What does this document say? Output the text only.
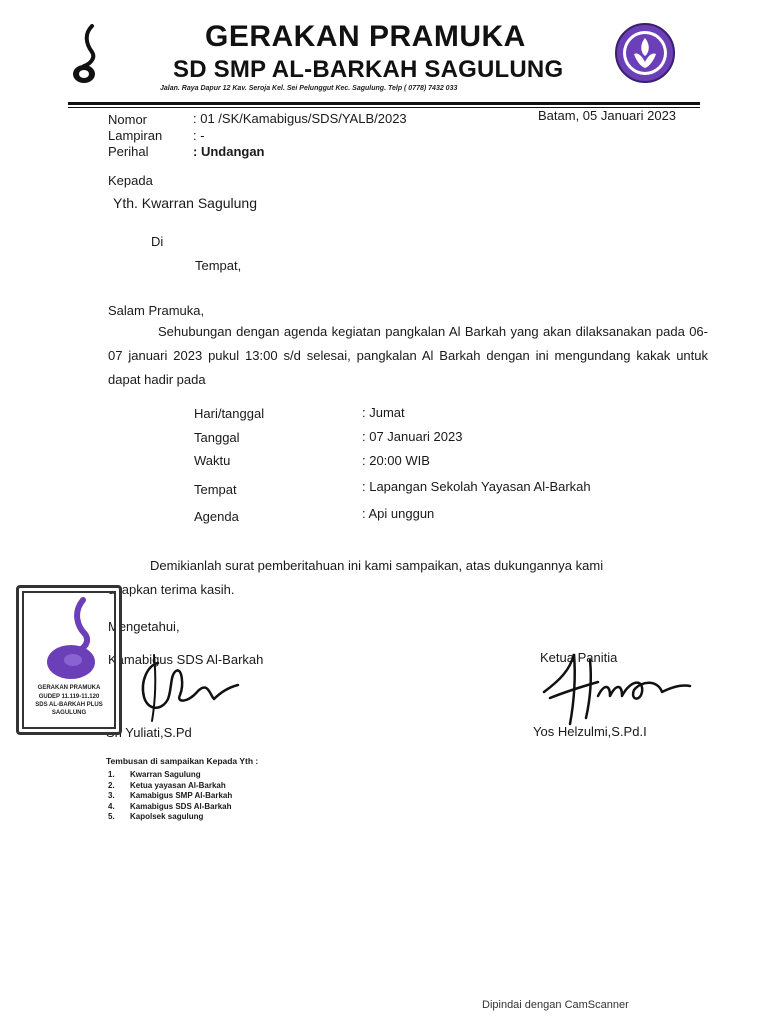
GERAKAN PRAMUKA
SD SMP AL-BARKAH SAGULUNG
Jalan. Raya Dapur 12 Kav. Seroja Kel. Sei Pelunggut Kec. Sagulung. Telp ( 0778) 7432 033
Nomor	: 01 /SK/Kamabigus/SDS/YALB/2023	Batam, 05 Januari 2023
Lampiran : -
Perihal	: Undangan
Kepada
Yth. Kwarran Sagulung
Di
Tempat,
Salam Pramuka,
Sehubungan dengan agenda kegiatan pangkalan Al Barkah yang akan dilaksanakan pada 06-07 januari 2023 pukul 13:00 s/d selesai, pangkalan Al Barkah dengan ini mengundang kakak untuk dapat hadir pada
Hari/tanggal	: Jumat
Tanggal	: 07 Januari 2023
Waktu	: 20:00 WIB
Tempat	: Lapangan Sekolah Yayasan Al-Barkah
Agenda	: Api unggun
Demikianlah surat pemberitahuan ini kami sampaikan, atas dukungannya kami
ucapkan terima kasih.
Mengetahui,
Kamabigus SDS Al-Barkah	Ketua Panitia
Sri Yuliati,S.Pd	Yos Helzulmi,S.Pd.I
GERAKAN PRAMUKA
GUDEP 11.119-11.120
SDS AL-BARKAH PLUS
SAGULUNG
Tembusan di sampaikan Kepada Yth :
1.	Kwarran Sagulung
2.	Ketua yayasan Al-Barkah
3.	Kamabigus SMP Al-Barkah
4.	Kamabigus SDS Al-Barkah
5.	Kapolsek sagulung
Dipindai dengan CamScanner
